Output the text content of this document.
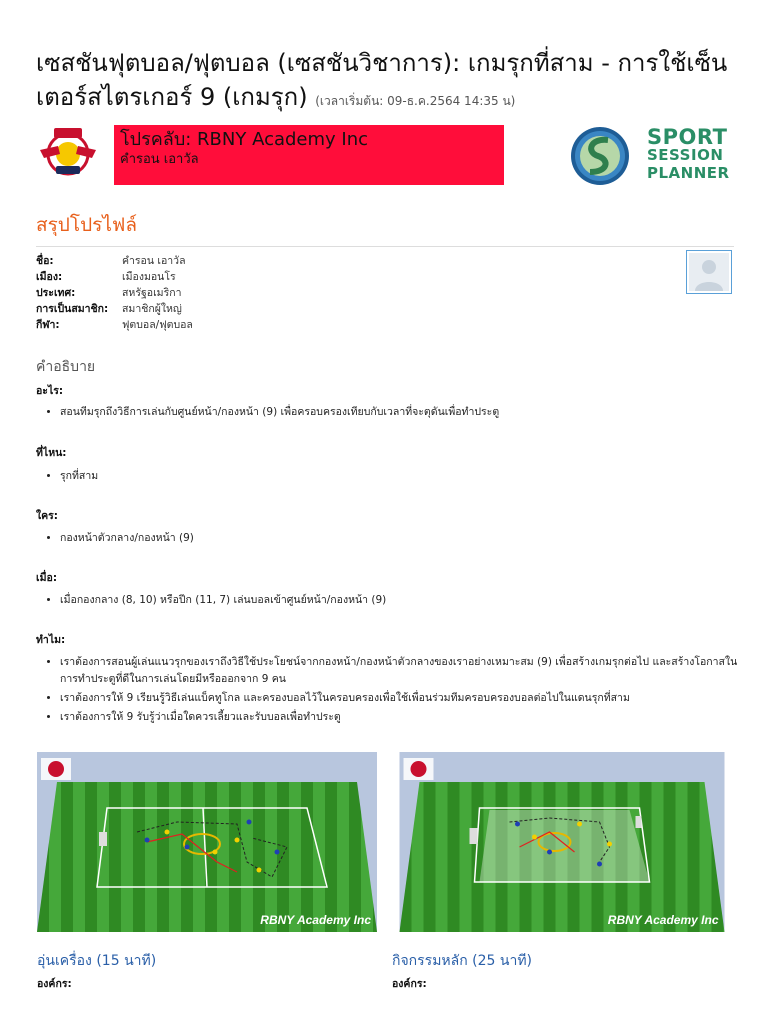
เซสชันฟุตบอล/ฟุตบอล (เซสชันวิชาการ): เกมรุกที่สาม - การใช้เซ็นเตอร์สไตรเกอร์ 9 (เกมรุก) (เวลาเริ่มต้น: 09-ธ.ค.2564 14:35 น)
โปรคลับ: RBNY Academy Inc
คำรอน เอาวัล
SPORT
SESSION
PLANNER
สรุปโปรไฟล์
ชื่อ:	คำรอน เอาวัล
เมือง:	เมืองมอนโร
ประเทศ:	สหรัฐอเมริกา
การเป็นสมาชิก:	สมาชิกผู้ใหญ่
กีฬา:	ฟุตบอล/ฟุตบอล
คำอธิบาย
อะไร:
• สอนทีมรุกถึงวิธีการเล่นกับศูนย์หน้า/กองหน้า (9) เพื่อครอบครองเทียบกับเวลาที่จะตุดันเพื่อทำประตู
ที่ไหน:
• รุกที่สาม
ใคร:
• กองหน้าตัวกลาง/กองหน้า (9)
เมื่อ:
• เมื่อกองกลาง (8, 10) หรือปีก (11, 7) เล่นบอลเข้าศูนย์หน้า/กองหน้า (9)
ทำไม:
• เราต้องการสอนผู้เล่นแนวรุกของเราถึงวิธีใช้ประโยชน์จากกองหน้า/กองหน้าตัวกลางของเราอย่างเหมาะสม (9) เพื่อสร้างเกมรุกต่อไป และสร้างโอกาสในการทำประตูที่ดีในการเล่นโดยมีหรือออกจาก 9 คน
• เราต้องการให้ 9 เรียนรู้วิธีเล่นแบ็คทูโกล และครองบอลไว้ในครอบครองเพื่อใช้เพื่อนร่วมทีมครอบครองบอลต่อไปในแดนรุกที่สาม
• เราต้องการให้ 9 รับรู้ว่าเมื่อใดควรเลี้ยวและรับบอลเพื่อทำประตู
RBNY Academy Inc	RBNY Academy Inc
อุ่นเครื่อง (15 นาที)
องค์กร:
กิจกรรมหลัก (25 นาที)
องค์กร:
